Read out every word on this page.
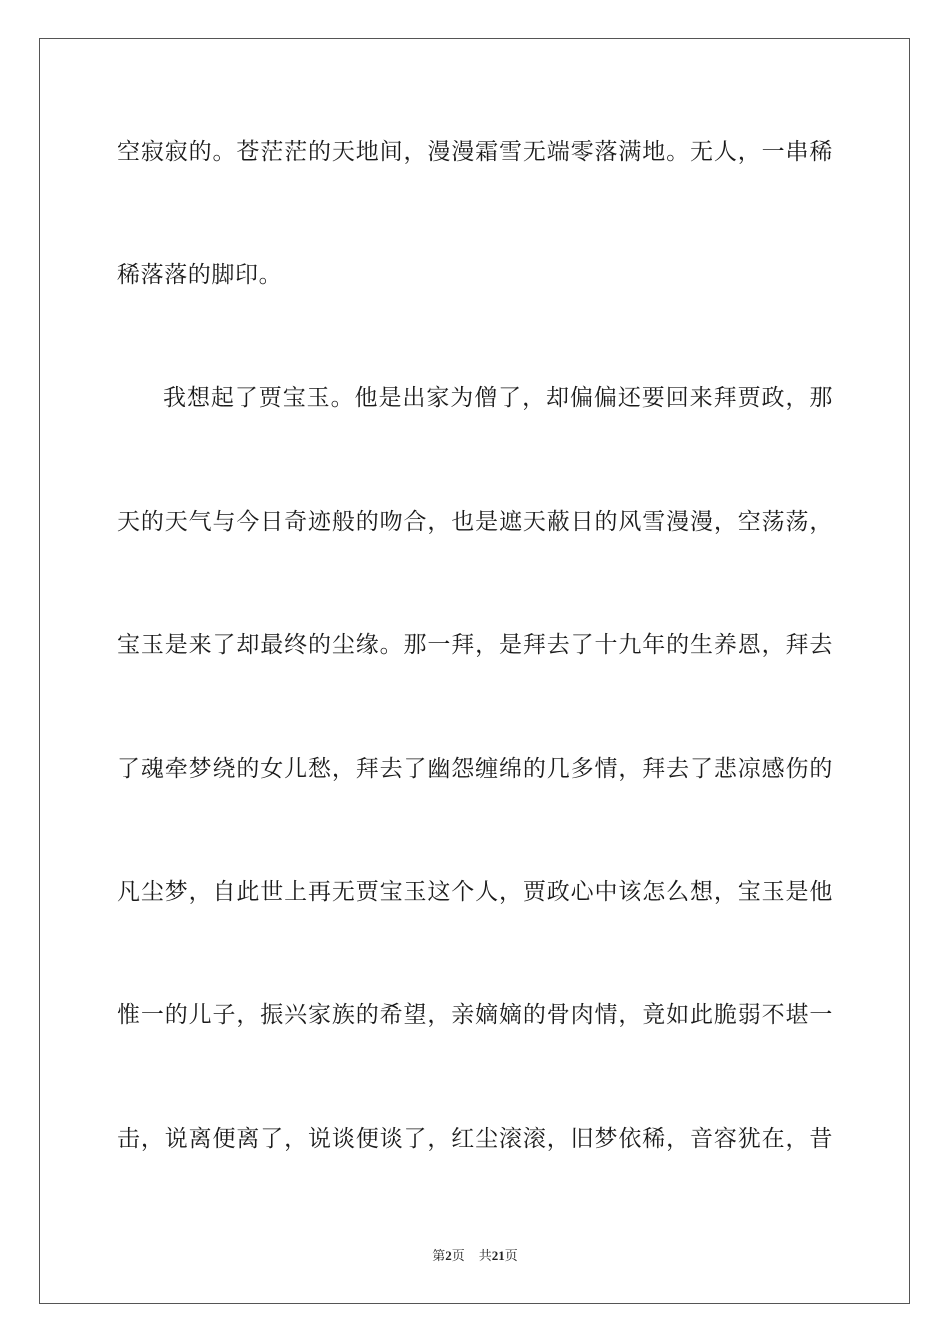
空寂寂的。苍茫茫的天地间，漫漫霜雪无端零落满地。无人，一串稀
稀落落的脚印。
我想起了贾宝玉。他是出家为僧了，却偏偏还要回来拜贾政，那
天的天气与今日奇迹般的吻合，也是遮天蔽日的风雪漫漫，空荡荡，
宝玉是来了却最终的尘缘。那一拜，是拜去了十九年的生养恩，拜去
了魂牵梦绕的女儿愁，拜去了幽怨缠绵的几多情，拜去了悲凉感伤的
凡尘梦，自此世上再无贾宝玉这个人，贾政心中该怎么想，宝玉是他
惟一的儿子，振兴家族的希望，亲嫡嫡的骨肉情，竟如此脆弱不堪一
击，说离便离了，说谈便谈了，红尘滚滚，旧梦依稀，音容犹在，昔
第2页 共21页
